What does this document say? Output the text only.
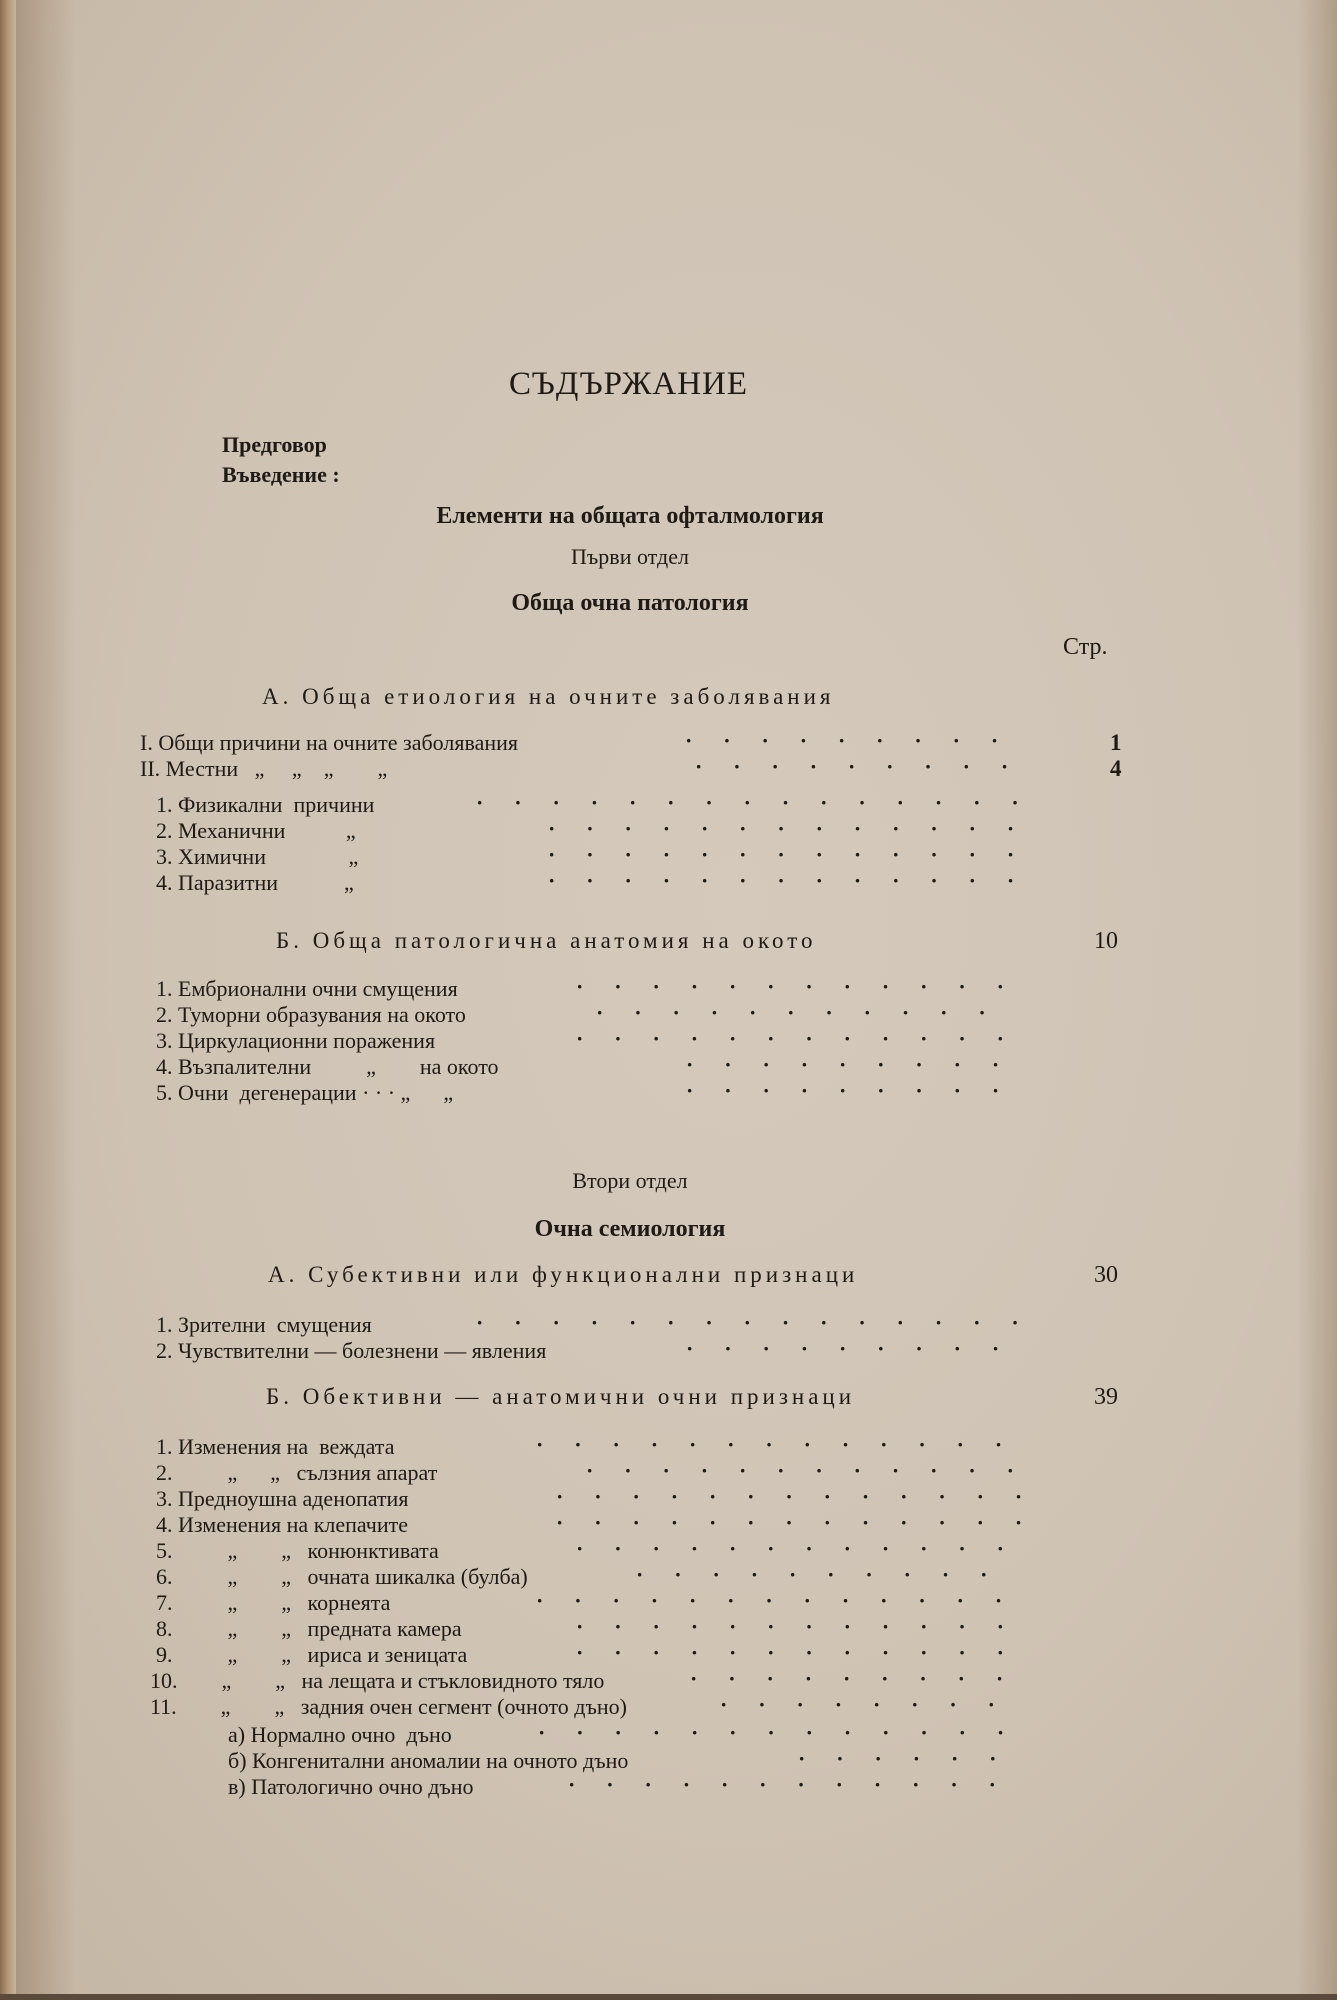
СЪДЪРЖАНИЕ
Предговор
Въведение :
Елементи на общата офталмология
Първи отдел
Обща очна патология
Стр.
А. Обща етиология на очните заболявания
I. Общи причини на очните заболявания	· · · · · · · · ·	1
II. Местни   „     „    „        „	· · · · · · · · ·	4
1. Физикални  причини	· · · · · · · · · · · · · · ·
2. Механични           „	· · · · · · · · · · · · ·
3. Химични               „	· · · · · · · · · · · · ·
4. Паразитни            „	· · · · · · · · · · · · ·
Б. Обща патологична анатомия на окото	10
1. Ембрионални очни смущения	· · · · · · · · · · · ·
2. Туморни образувания на окото	· · · · · · · · · · ·
3. Циркулационни поражения	· · · · · · · · · · · ·
4. Възпалителни          „        на окото	· · · · · · · · ·
5. Очни  дегенерации · · · „      „	· · · · · · · · ·
Втори отдел
Очна семиология
А. Субективни или функционални признаци	30
1. Зрителни  смущения	· · · · · · · · · · · · · · ·
2. Чувствителни — болезнени — явления	· · · · · · · · ·
Б. Обективни — анатомични очни признаци	39
1. Изменения на  веждата	· · · · · · · · · · · · ·
2.          „      „   сълзния апарат	· · · · · · · · · · · ·
3. Предноушна аденопатия	· · · · · · · · · · · · ·
4. Изменения на клепачите	· · · · · · · · · · · · ·
5.          „        „   конюнктивата	· · · · · · · · · · · ·
6.          „        „   очната шикалка (булба)	· · · · · · · · · ·
7.          „        „   корнеята	· · · · · · · · · · · · ·
8.          „        „   предната камера	· · · · · · · · · · · ·
9.          „        „   ириса и зеницата	· · · · · · · · · · · ·
10.        „        „   на лещата и стъкловидното тяло	· · · · · · · · ·
11.        „        „   задния очен сегмент (очното дъно)	· · · · · · · ·
а) Нормално очно  дъно	· · · · · · · · · · · · ·
б) Конгенитални аномалии на очното дъно	· · · · · ·
в) Патологично очно дъно	· · · · · · · · · · · ·
